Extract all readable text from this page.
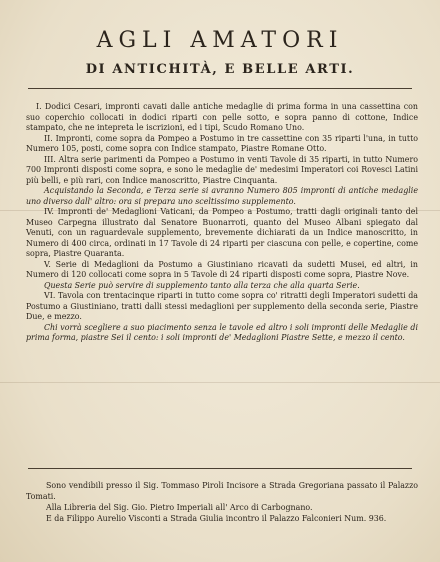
AGLI AMATORI
DI ANTICHITÀ, E BELLE ARTI.

I. Dodici Cesari, impronti cavati dalle antiche medaglie di prima forma in una cassettina con suo coperchio collocati in dodici riparti con pelle sotto, e sopra panno di cottone, Indice stampato, che ne intepreta le iscrizioni, ed i tipi, Scudo Romano Uno.

II. Impronti, come sopra da Pompeo a Postumo in tre cassettine con 35 riparti l'una, in tutto Numero 105, posti, come sopra con Indice stampato, Piastre Romane Otto.

III. Altra serie parimenti da Pompeo a Postumo in venti Tavole di 35 riparti, in tutto Numero 700 Impronti disposti come sopra, e sono le medaglie de' medesimi Imperatori coi Rovesci Latini più belli, e più rari, con Indice manoscritto, Piastre Cinquanta.

Acquistando la Seconda, e Terza serie si avranno Numero 805 impronti di antiche medaglie uno diverso dall' altro: ora si prepara uno sceltissimo supplemento.

IV. Impronti de' Medaglioni Vaticani, da Pompeo a Postumo, tratti dagli originali tanto del Museo Carpegna illustrato dal Senatore Buonarroti, quanto del Museo Albani spiegato dal Venuti, con un raguardevale supplemento, brevemente dichiarati da un Indice manoscritto, in Numero di 400 circa, ordinati in 17 Tavole di 24 riparti per ciascuna con pelle, e copertine, come sopra, Piastre Quaranta.

V. Serie di Medaglioni da Postumo a Giustiniano ricavati da sudetti Musei, ed altri, in Numero di 120 collocati come sopra in 5 Tavole di 24 riparti disposti come sopra, Piastre Nove.

Questa Serie può servire di supplemento tanto alla terza che alla quarta Serie.

VI. Tavola con trentacinque riparti in tutto come sopra co' ritratti degli Imperatori sudetti da Postumo a Giustiniano, tratti dalli stessi medaglioni per supplemento della seconda serie, Piastre Due, e mezzo.

Chi vorrà scegliere a suo piacimento senza le tavole ed altro i soli impronti delle Medaglie di prima forma, piastre Sei il cento: i soli impronti de' Medaglioni Piastre Sette, e mezzo il cento.

Sono vendibili presso il Sig. Tommaso Piroli Incisore a Strada Gregoriana passato il Palazzo Tomati.

Alla Libreria del Sig. Gio. Pietro Imperiali all' Arco di Carbognano.

E da Filippo Aurelio Visconti a Strada Giulia incontro il Palazzo Falconieri Num. 936.
